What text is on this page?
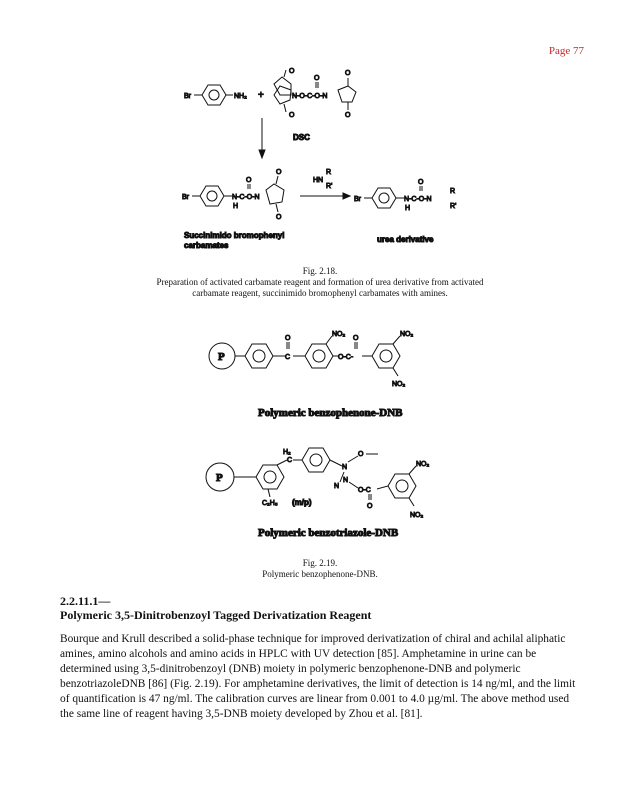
Page 77
Br	NH₂ +
O
O
N-O-C-O-N
O
O
O
DSC
Br	N-C-O-N
H
O
O
O
R
HN
R'
Br	N-C-O-N
H
O
R
R'
Succinimido bromophenyl
carbamates
urea derivative
P	C
O
NO₂
O-C-
O
NO₂
NO₂
Polymeric benzophenone-DNB
P
C
H₂
N
O
N
N
O-C
O
NO₂
NO₂
C₂H₅ (m/p)
Polymeric benzotriazole-DNB
Fig. 2.18.
Preparation of activated carbamate reagent and formation of urea derivative from activated carbamate reagent, succinimido bromophenyl carbamates with amines.
Fig. 2.19.
Polymeric benzophenone-DNB.
2.2.11.1—
Polymeric 3,5-Dinitrobenzoyl Tagged Derivatization Reagent

Bourque and Krull described a solid-phase technique for improved derivatization of chiral and achilal aliphatic amines, amino alcohols and amino acids in HPLC with UV detection [85]. Amphetamine in urine can be determined using 3,5-dinitrobenzoyl (DNB) moiety in polymeric benzophenone-DNB and polymeric benzotriazoleDNB [86] (Fig. 2.19). For amphetamine derivatives, the limit of detection is 14 ng/ml, and the limit of quantification is 47 ng/ml. The calibration curves are linear from 0.001 to 4.0 µg/ml. The above method used the same line of reagent having 3,5-DNB moiety developed by Zhou et al. [81].
